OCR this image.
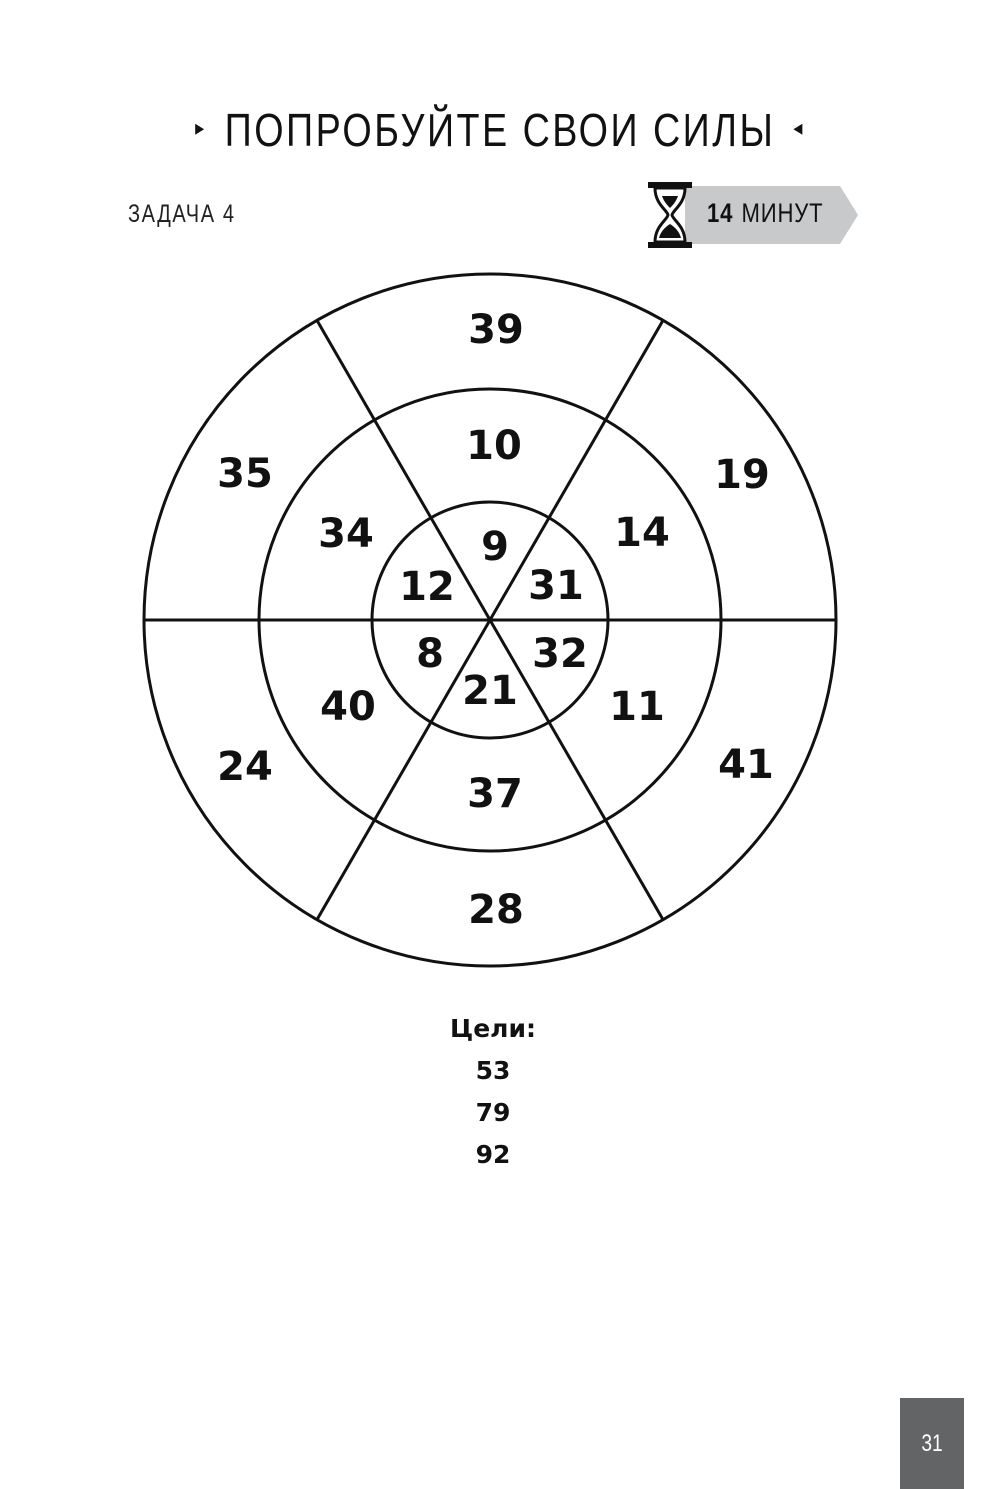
▸ ПОПРОБУЙТЕ СВОИ СИЛЫ ◂
ЗАДАЧА 4	14 МИНУТ
39
19
41
28
24
35
10
14
11
37
40
34	9
31
32
21
8
12
Цели:
53
79
92
31
